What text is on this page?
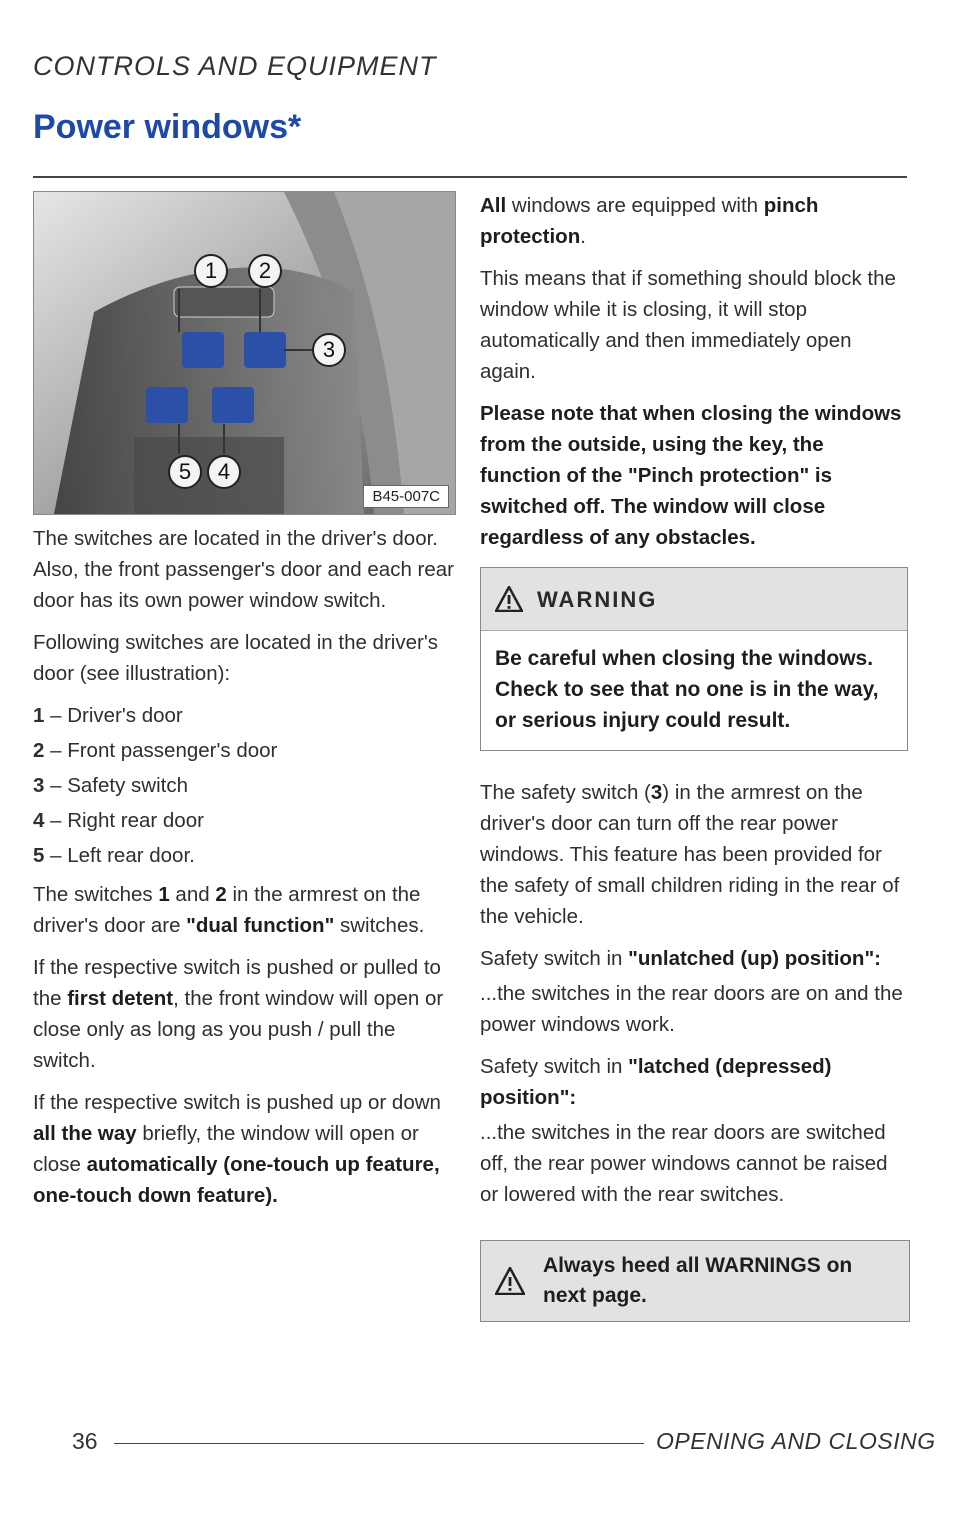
CONTROLS AND EQUIPMENT
Power windows*
1	2
3
5	4
B45-007C

The switches are located in the driver's door. Also, the front passenger's door and each rear door has its own power window switch.

Following switches are located in the driver's door (see illustration):

1 – Driver's door
2 – Front passenger's door
3 – Safety switch
4 – Right rear door
5 – Left rear door.

The switches 1 and 2 in the armrest on the driver's door are "dual function" switches.

If the respective switch is pushed or pulled to the first detent, the front window will open or close only as long as you push / pull the switch.

If the respective switch is pushed up or down all the way briefly, the window will open or close automatically (one-touch up feature, one-touch down feature).

All windows are equipped with pinch protection.

This means that if something should block the window while it is closing, it will stop automatically and then immediately open again.

Please note that when closing the windows from the outside, using the key, the function of the "Pinch protection" is switched off. The window will close regardless of any obstacles.

WARNING
Be careful when closing the windows. Check to see that no one is in the way, or serious injury could result.

The safety switch (3) in the armrest on the driver's door can turn off the rear power windows. This feature has been provided for the safety of small children riding in the rear of the vehicle.

Safety switch in "unlatched (up) position":

...the switches in the rear doors are on and the power windows work.

Safety switch in "latched (depressed) position":

...the switches in the rear doors are switched off, the rear power windows cannot be raised or lowered with the rear switches.

Always heed all WARNINGS on next page.
36	OPENING AND CLOSING
